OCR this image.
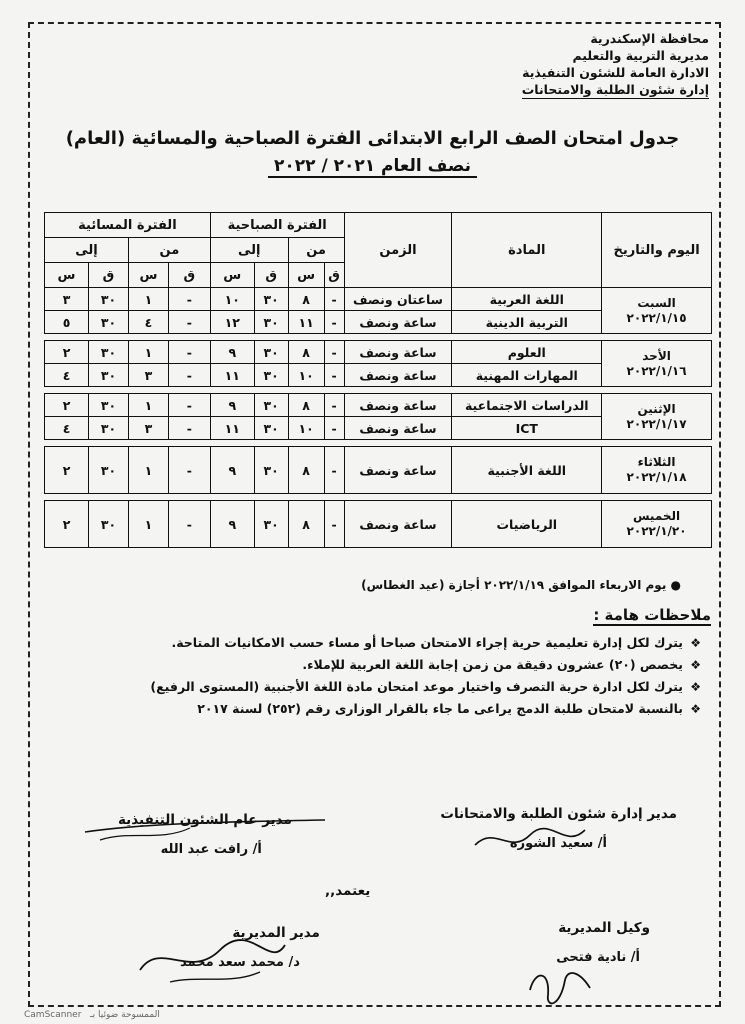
محافظة الإسكندرية
مديرية التربية والتعليم
الادارة العامة للشئون التنفيذية
إدارة شئون الطلبة والامتحانات
جدول امتحان الصف الرابع الابتدائى الفترة الصباحية والمسائية (العام)
نصف العام ٢٠٢١ / ٢٠٢٢
اليوم والتاريخ	المادة	الزمن	الفترة الصباحية				الفترة المسائية			
			من		إلى		من		إلى	
			ق	س	ق	س	ق	س	ق	س

السبت
٢٠٢٢/١/١٥	اللغة العربية	ساعتان ونصف	-	٨	٣٠	١٠	-	١	٣٠	٣
	التربية الدينية	ساعة ونصف	-	١١	٣٠	١٢	-	٤	٣٠	٥

الأحد
٢٠٢٢/١/١٦	العلوم	ساعة ونصف	-	٨	٣٠	٩	-	١	٣٠	٢
	المهارات المهنية	ساعة ونصف	-	١٠	٣٠	١١	-	٣	٣٠	٤

الإثنين
٢٠٢٢/١/١٧	الدراسات الاجتماعية	ساعة ونصف	-	٨	٣٠	٩	-	١	٣٠	٢
	ICT	ساعة ونصف	-	١٠	٣٠	١١	-	٣	٣٠	٤

الثلاثاء
٢٠٢٢/١/١٨	اللغة الأجنبية	ساعة ونصف	-	٨	٣٠	٩	-	١	٣٠	٢

الخميس
٢٠٢٢/١/٢٠	الرياضيات	ساعة ونصف	-	٨	٣٠	٩	-	١	٣٠	٢
● يوم الاربعاء الموافق ٢٠٢٢/١/١٩ أجازة (عيد الغطاس)
ملاحظات هامة :
❖يترك لكل إدارة تعليمية حرية إجراء الامتحان صباحا أو مساء حسب الامكانيات المتاحة.
❖يخصص (٢٠) عشرون دقيقة من زمن إجابة اللغة العربية للإملاء.
❖يترك لكل ادارة حرية التصرف واختيار موعد امتحان مادة اللغة الأجنبية (المستوى الرفيع)
❖بالنسبة لامتحان طلبة الدمج يراعى ما جاء بالقرار الوزارى رقم (٢٥٢) لسنة ٢٠١٧
مدير إدارة شئون الطلبة والامتحانات
أ/ سعيد الشوره
مدير عام الشئون التنفيذية
أ/ رافت عبد الله
يعتمد,,
وكيل المديرية
أ/ نادية فتحى
مدير المديرية
د/ محمد سعد محمد
CamScanner الممسوحة ضوئيا بـ
